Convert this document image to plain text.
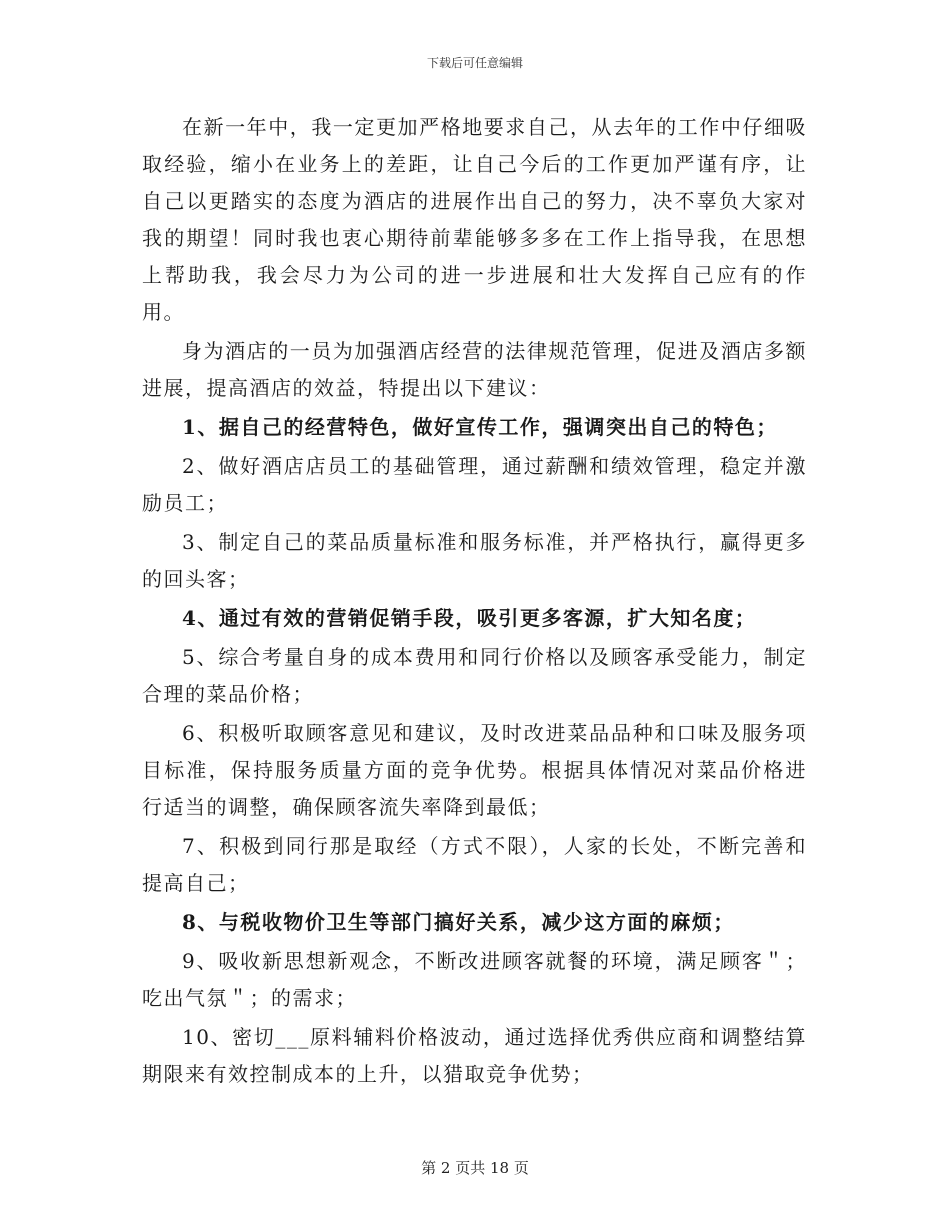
下载后可任意编辑

在新一年中，我一定更加严格地要求自己，从去年的工作中仔细吸取经验，缩小在业务上的差距，让自己今后的工作更加严谨有序，让自己以更踏实的态度为酒店的进展作出自己的努力，决不辜负大家对我的期望！同时我也衷心期待前辈能够多多在工作上指导我，在思想上帮助我，我会尽力为公司的进一步进展和壮大发挥自己应有的作用。

身为酒店的一员为加强酒店经营的法律规范管理，促进及酒店多额进展，提高酒店的效益，特提出以下建议：

1、据自己的经营特色，做好宣传工作，强调突出自己的特色；

2、做好酒店店员工的基础管理，通过薪酬和绩效管理，稳定并激励员工；

3、制定自己的菜品质量标准和服务标准，并严格执行，赢得更多的回头客；

4、通过有效的营销促销手段，吸引更多客源，扩大知名度；

5、综合考量自身的成本费用和同行价格以及顾客承受能力，制定合理的菜品价格；

6、积极听取顾客意见和建议，及时改进菜品品种和口味及服务项目标准，保持服务质量方面的竞争优势。根据具体情况对菜品价格进行适当的调整，确保顾客流失率降到最低；

7、积极到同行那是取经（方式不限），人家的长处，不断完善和提高自己；

8、与税收物价卫生等部门搞好关系，减少这方面的麻烦；

9、吸收新思想新观念，不断改进顾客就餐的环境，满足顾客＂；吃出气氛＂；的需求；

10、密切___原料辅料价格波动，通过选择优秀供应商和调整结算期限来有效控制成本的上升，以猎取竞争优势；

第 2 页共 18 页
